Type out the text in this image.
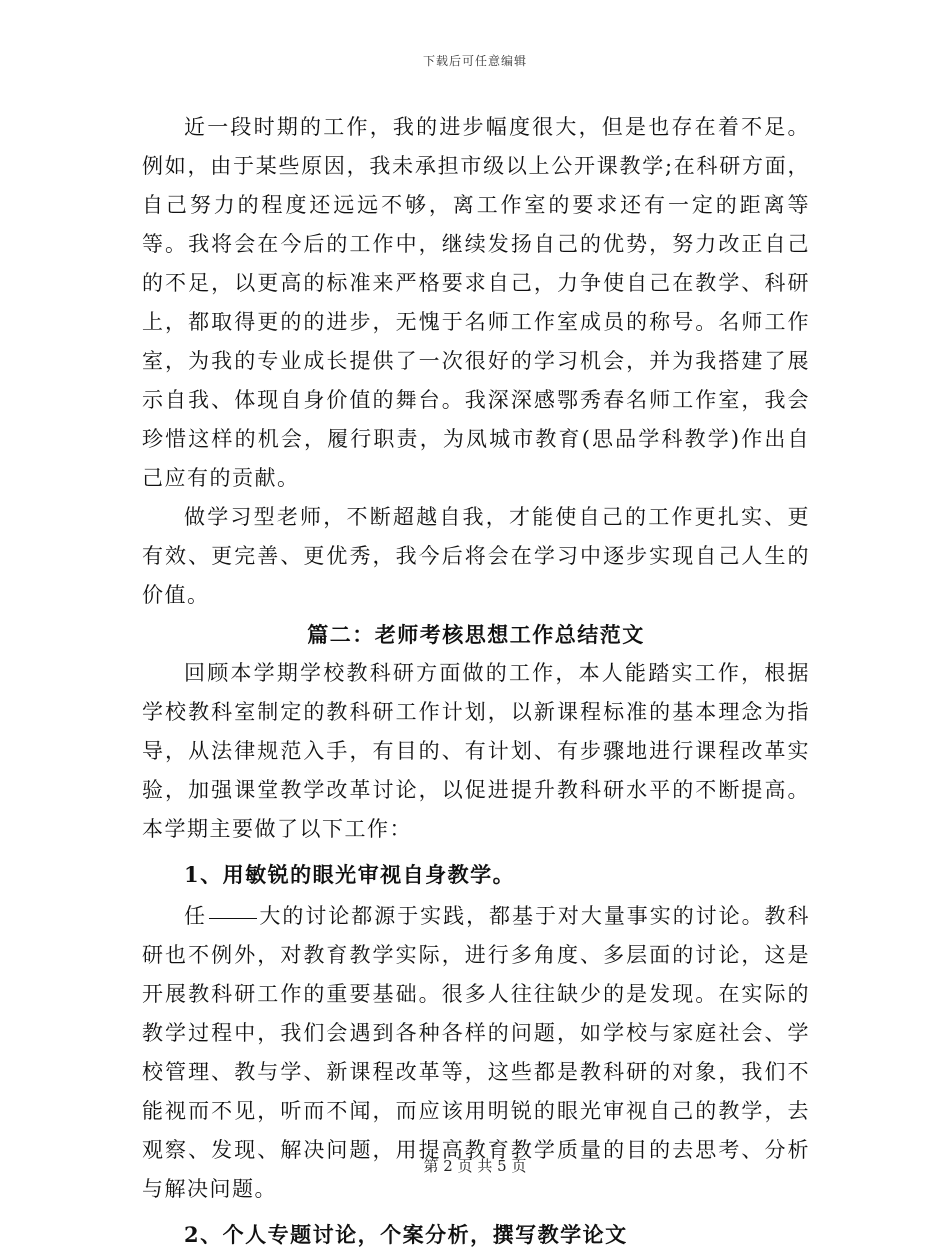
下载后可任意编辑

近一段时期的工作，我的进步幅度很大，但是也存在着不足。例如，由于某些原因，我未承担市级以上公开课教学;在科研方面，自己努力的程度还远远不够，离工作室的要求还有一定的距离等等。我将会在今后的工作中，继续发扬自己的优势，努力改正自己的不足，以更高的标准来严格要求自己，力争使自己在教学、科研上，都取得更的的进步，无愧于名师工作室成员的称号。名师工作室，为我的专业成长提供了一次很好的学习机会，并为我搭建了展示自我、体现自身价值的舞台。我深深感鄂秀春名师工作室，我会珍惜这样的机会，履行职责，为凤城市教育(思品学科教学)作出自己应有的贡献。

做学习型老师，不断超越自我，才能使自己的工作更扎实、更有效、更完善、更优秀，我今后将会在学习中逐步实现自己人生的价值。

篇二：老师考核思想工作总结范文

回顾本学期学校教科研方面做的工作，本人能踏实工作，根据学校教科室制定的教科研工作计划，以新课程标准的基本理念为指导，从法律规范入手，有目的、有计划、有步骤地进行课程改革实验，加强课堂教学改革讨论，以促进提升教科研水平的不断提高。本学期主要做了以下工作：

1、用敏锐的眼光审视自身教学。

任 大的讨论都源于实践，都基于对大量事实的讨论。教科研也不例外，对教育教学实际，进行多角度、多层面的讨论，这是开展教科研工作的重要基础。很多人往往缺少的是发现。在实际的教学过程中，我们会遇到各种各样的问题，如学校与家庭社会、学校管理、教与学、新课程改革等，这些都是教科研的对象，我们不能视而不见，听而不闻，而应该用明锐的眼光审视自己的教学，去观察、发现、解决问题，用提高教育教学质量的目的去思考、分析与解决问题。

2、个人专题讨论，个案分析，撰写教学论文

第 2 页 共 5 页
